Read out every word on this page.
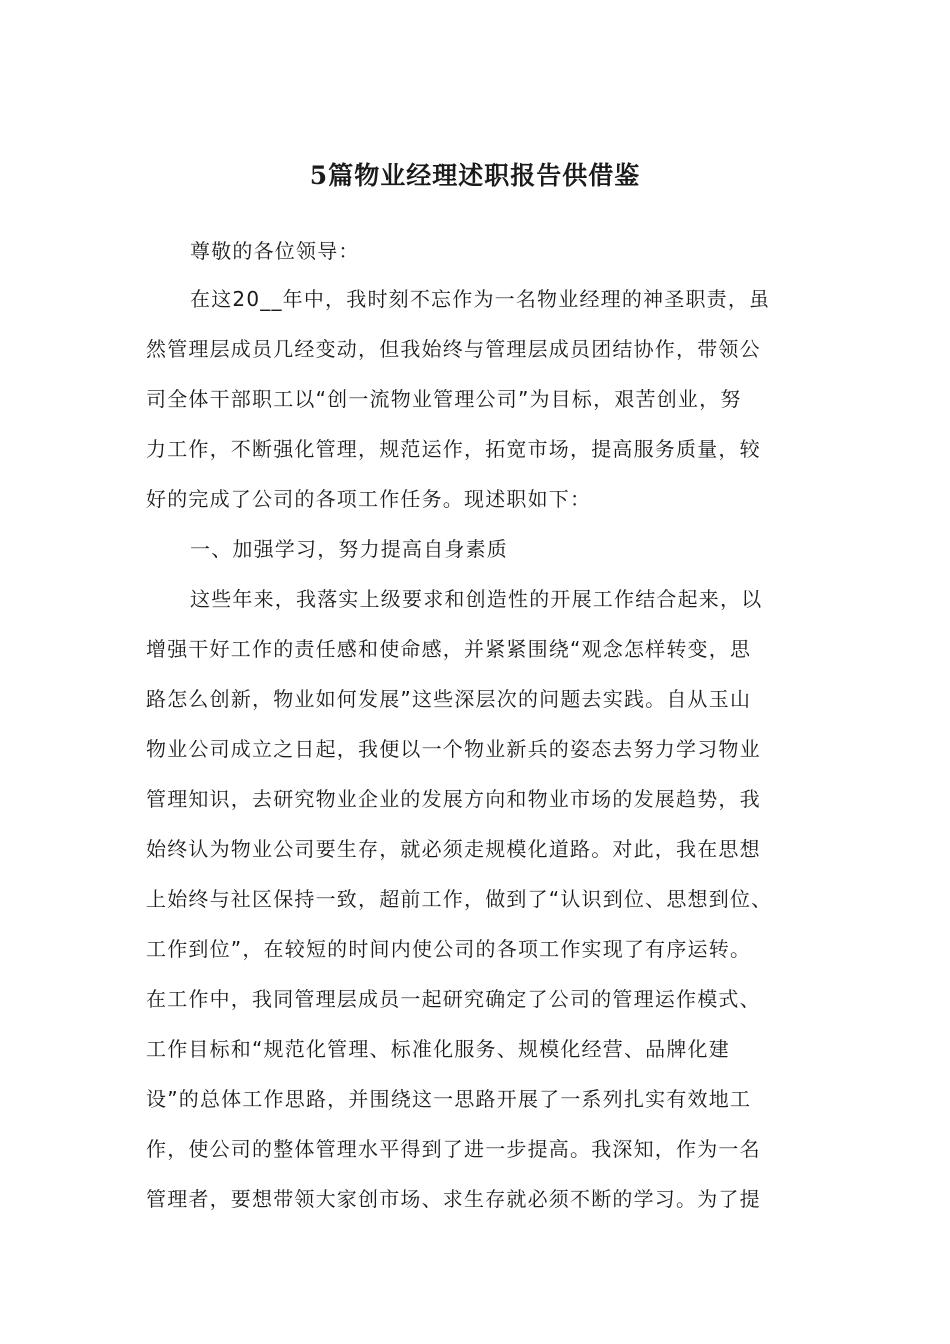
5篇物业经理述职报告供借鉴

尊敬的各位领导：

在这20__年中，我时刻不忘作为一名物业经理的神圣职责，虽

然管理层成员几经变动，但我始终与管理层成员团结协作，带领公

司全体干部职工以“创一流物业管理公司”为目标，艰苦创业，努

力工作，不断强化管理，规范运作，拓宽市场，提高服务质量，较

好的完成了公司的各项工作任务。现述职如下：

一、加强学习，努力提高自身素质

这些年来，我落实上级要求和创造性的开展工作结合起来，以

增强干好工作的责任感和使命感，并紧紧围绕“观念怎样转变，思

路怎么创新，物业如何发展”这些深层次的问题去实践。自从玉山

物业公司成立之日起，我便以一个物业新兵的姿态去努力学习物业

管理知识，去研究物业企业的发展方向和物业市场的发展趋势，我

始终认为物业公司要生存，就必须走规模化道路。对此，我在思想

上始终与社区保持一致，超前工作，做到了“认识到位、思想到位、

工作到位”，在较短的时间内使公司的各项工作实现了有序运转。

在工作中，我同管理层成员一起研究确定了公司的管理运作模式、

工作目标和“规范化管理、标准化服务、规模化经营、品牌化建

设”的总体工作思路，并围绕这一思路开展了一系列扎实有效地工

作，使公司的整体管理水平得到了进一步提高。我深知，作为一名

管理者，要想带领大家创市场、求生存就必须不断的学习。为了提
